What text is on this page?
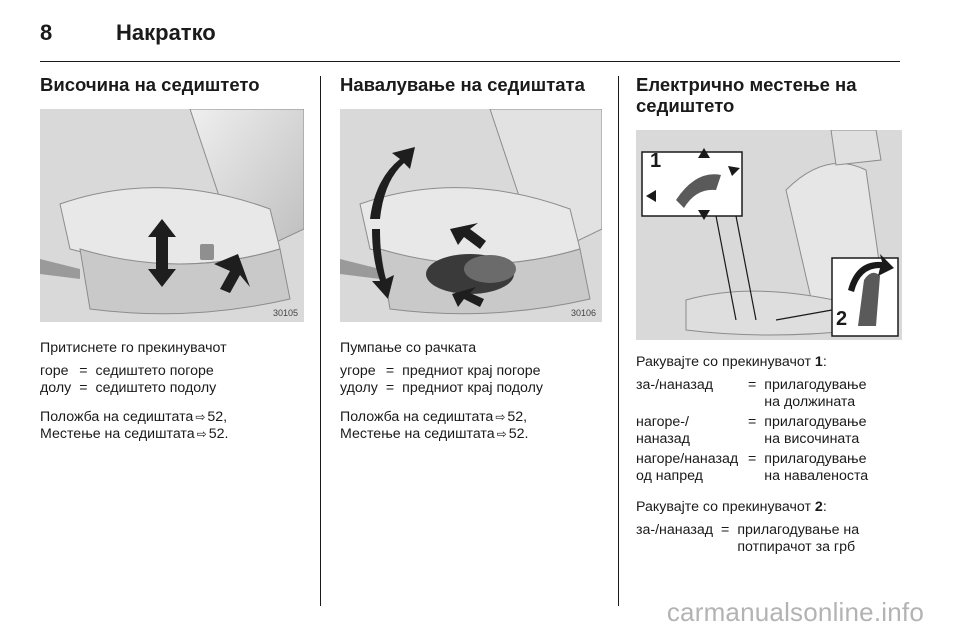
8	Накратко
Височина на седиштето
30105
Притиснете го прекинувачот
горе	=	седиштето погоре
долу	=	седиштето подолу
Положба на седиштата ⇨ 52,
Местење на седиштата ⇨ 52.
Навалување на седиштата
30106
Пумпање со рачката
угоре	=	предниот крај погоре
удолу	=	предниот крај подолу
Положба на седиштата ⇨ 52,
Местење на седиштата ⇨ 52.
Електрично местење на
седиштето
1
2
Ракувајте со прекинувачот 1:
за-/наназад	=	прилагодување
на должината
нагоре-/наназад	=	прилагодување
на височината
нагоре/наназад
од напред	=	прилагодување
на навалeноста
Ракувајте со прекинувачот 2:
за-/наназад	=	прилагодување на
потпирачот за грб
carmanualsonline.info
